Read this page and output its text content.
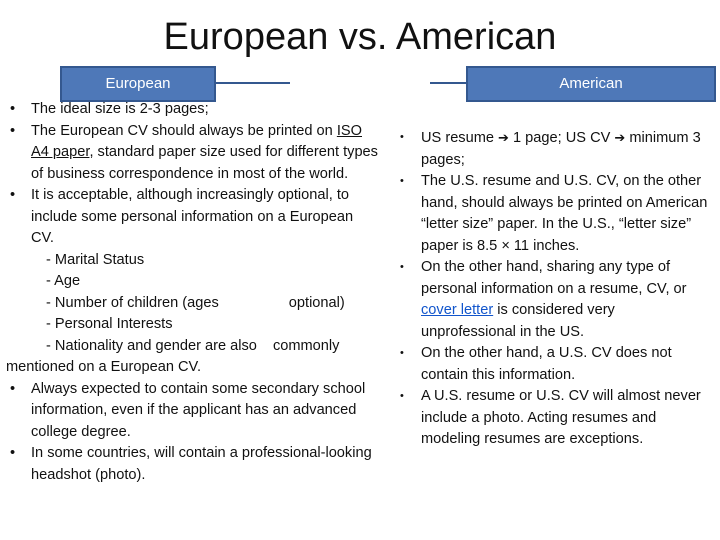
European vs. American
European	American
• The ideal size is 2-3 pages;
• The European CV should always be printed on ISO A4 paper, standard paper size used for different types of business correspondence in most of the world.
• It is acceptable, although increasingly optional, to include some personal information on a European CV.
- Marital Status
- Age
- Number of children (ages	optional)
- Personal Interests
- Nationality and gender are also commonly
mentioned on a European CV.
• Always expected to contain some secondary school information, even if the applicant has an advanced college degree.
• In some countries, will contain a professional-looking headshot (photo).
• US resume ➔ 1 page; US CV ➔ minimum 3 pages;
• The U.S. resume and U.S. CV, on the other hand, should always be printed on American “letter size” paper. In the U.S., “letter size” paper is 8.5 × 11 inches.
• On the other hand, sharing any type of personal information on a resume, CV, or cover letter is considered very unprofessional in the US.
• On the other hand, a U.S. CV does not contain this information.
• A U.S. resume or U.S. CV will almost never include a photo. Acting resumes and modeling resumes are exceptions.
